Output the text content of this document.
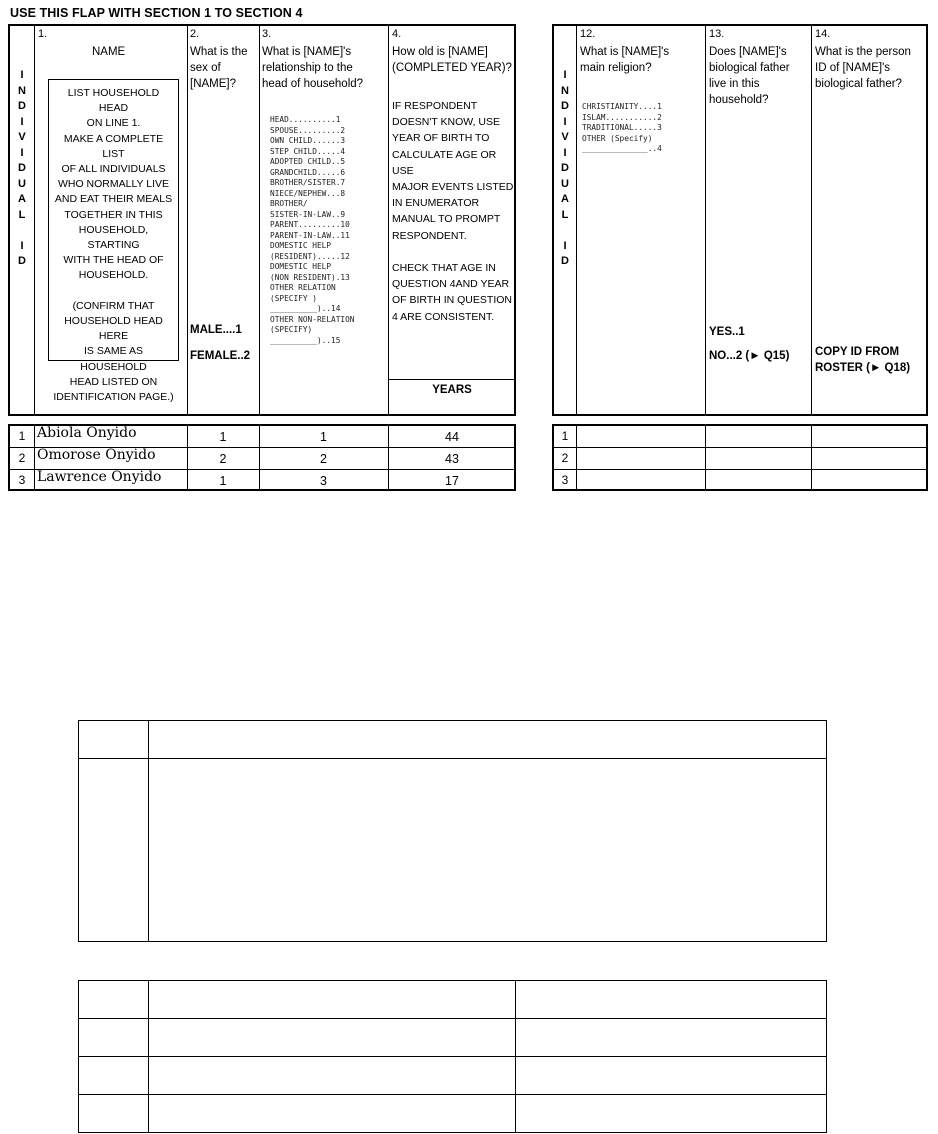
USE THIS FLAP WITH SECTION 1 TO SECTION 4
I
N
D
I
V
I
D
U
A
L

I
D
1.
NAME
LIST HOUSEHOLD HEAD
ON LINE 1.
MAKE A COMPLETE LIST
OF ALL INDIVIDUALS
WHO NORMALLY LIVE
AND EAT THEIR MEALS
TOGETHER IN THIS
HOUSEHOLD, STARTING
WITH THE HEAD OF
HOUSEHOLD.

(CONFIRM THAT
HOUSEHOLD HEAD HERE
IS SAME AS HOUSEHOLD
HEAD LISTED ON
IDENTIFICATION PAGE.)
2.
What is the
sex of
[NAME]?
MALE....1
FEMALE..2
3.
What is [NAME]'s
relationship to the
head of household?
HEAD..........1
SPOUSE.........2
OWN CHILD......3
STEP CHILD.....4
ADOPTED CHILD..5
GRANDCHILD.....6
BROTHER/SISTER.7
NIECE/NEPHEW...8
BROTHER/
SISTER-IN-LAW..9
PARENT.........10
PARENT-IN-LAW..11
DOMESTIC HELP
(RESIDENT).....12
DOMESTIC HELP
(NON RESIDENT).13
OTHER RELATION
(SPECIFY )
__________)..14
OTHER NON-RELATION
(SPECIFY)
__________)..15
4.
How old is [NAME]
(COMPLETED YEAR)?
IF RESPONDENT
DOESN'T KNOW, USE
YEAR OF BIRTH TO
CALCULATE AGE OR USE
MAJOR EVENTS LISTED
IN ENUMERATOR
MANUAL TO PROMPT
RESPONDENT.

CHECK THAT AGE IN
QUESTION 4AND YEAR
OF BIRTH IN QUESTION
4 ARE CONSISTENT.
YEARS
1 Abiola Onyido	1	1	44
2 Omorose Onyido	2	2	43
3 Lawrence Onyido	1	3	17
I
N
D
I
V
I
D
U
A
L

I
D
12.
What is [NAME]'s
main religion?
CHRISTIANITY....1
ISLAM...........2
TRADITIONAL.....3
OTHER (Specify)
______________..4
13.
Does [NAME]'s
biological father
live in this
household?
YES..1
NO...2 (► Q15)
14.
What is the person
ID of [NAME]'s
biological father?
COPY ID FROM
ROSTER (► Q18)
1
2
3
